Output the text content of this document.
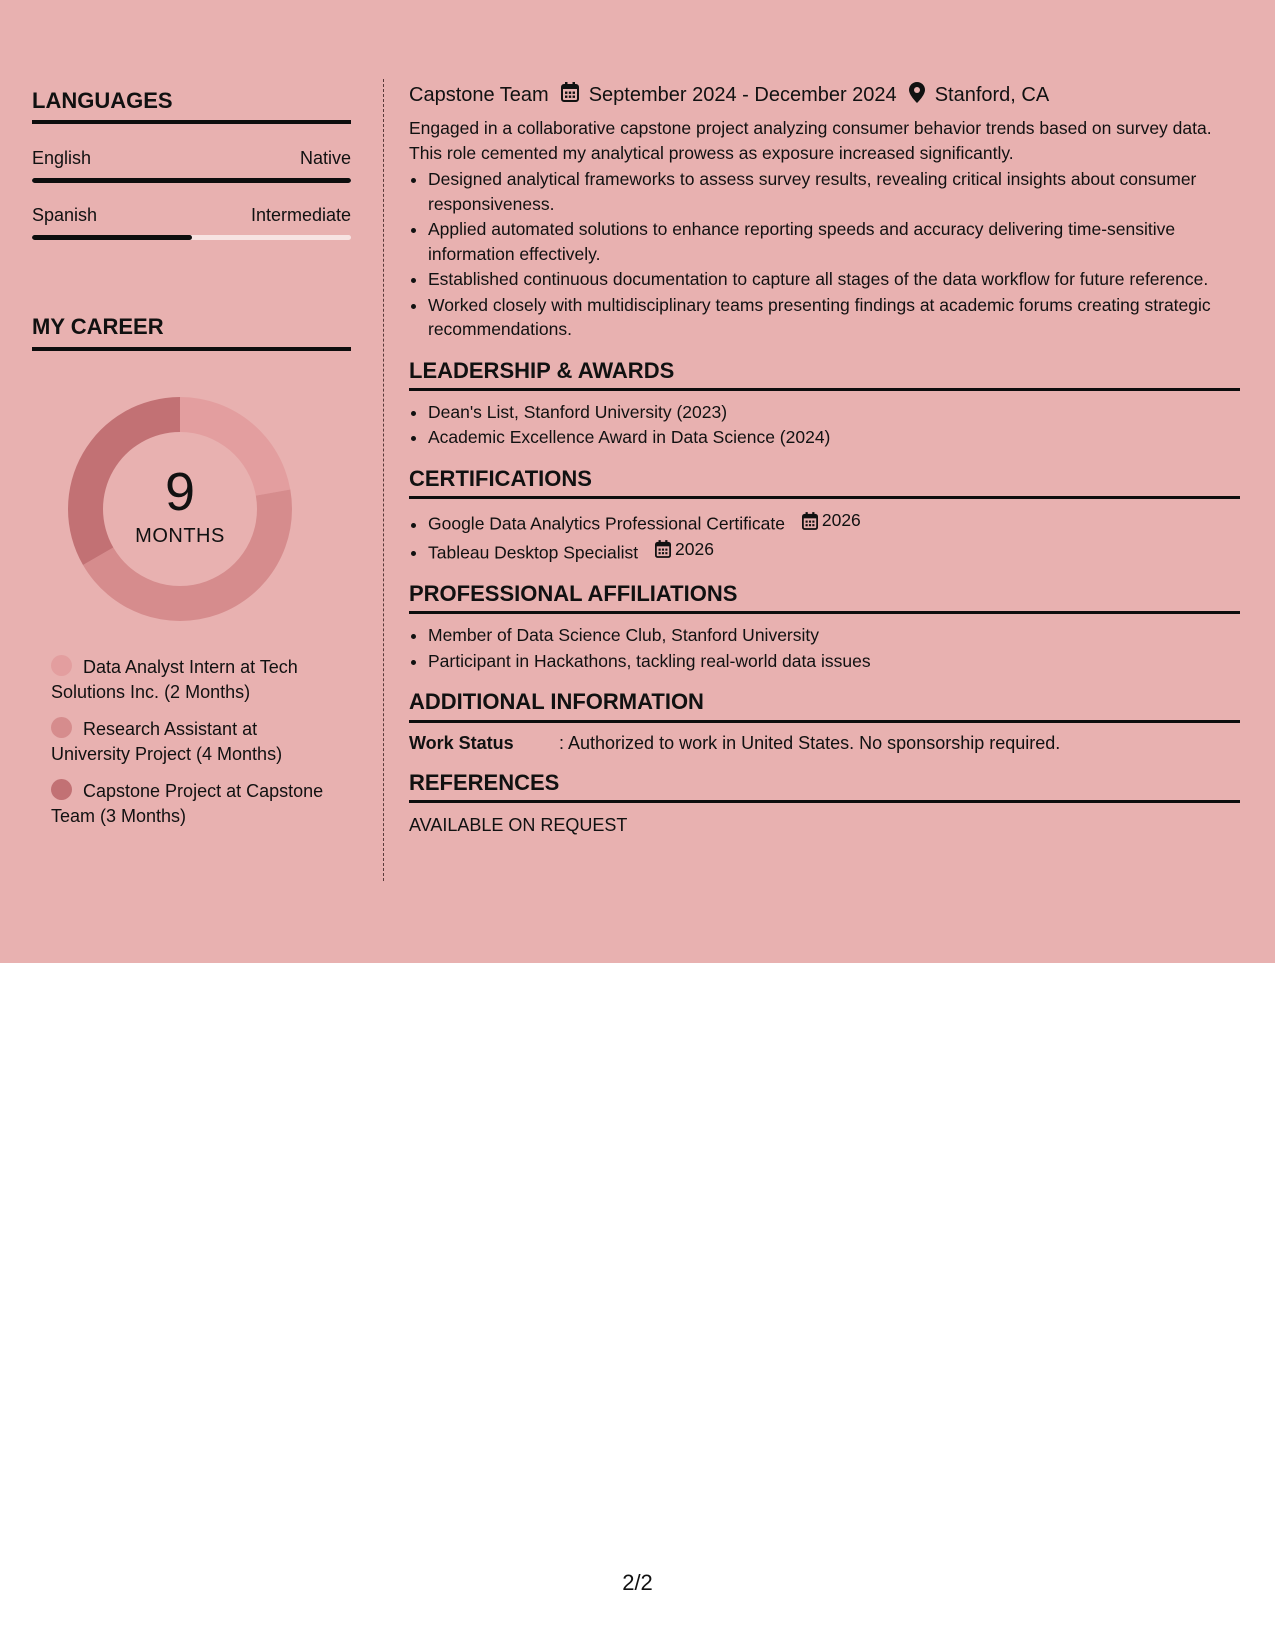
LANGUAGES
English	Native
Spanish	Intermediate
MY CAREER
9
MONTHS
Data Analyst Intern at Tech Solutions Inc. (2 Months)
Research Assistant at University Project (4 Months)
Capstone Project at Capstone Team (3 Months)
Capstone Team September 2024 - December 2024 Stanford, CA

Engaged in a collaborative capstone project analyzing consumer behavior trends based on survey data. This role cemented my analytical prowess as exposure increased significantly.

• Designed analytical frameworks to assess survey results, revealing critical insights about consumer responsiveness.
• Applied automated solutions to enhance reporting speeds and accuracy delivering time-sensitive information effectively.
• Established continuous documentation to capture all stages of the data workflow for future reference.
• Worked closely with multidisciplinary teams presenting findings at academic forums creating strategic recommendations.
LEADERSHIP & AWARDS
• Dean's List, Stanford University (2023)
• Academic Excellence Award in Data Science (2024)
CERTIFICATIONS
• Google Data Analytics Professional Certificate 2026
• Tableau Desktop Specialist 2026
PROFESSIONAL AFFILIATIONS
• Member of Data Science Club, Stanford University
• Participant in Hackathons, tackling real-world data issues
ADDITIONAL INFORMATION
Work Status	: Authorized to work in United States. No sponsorship required.
REFERENCES
AVAILABLE ON REQUEST
2/2
